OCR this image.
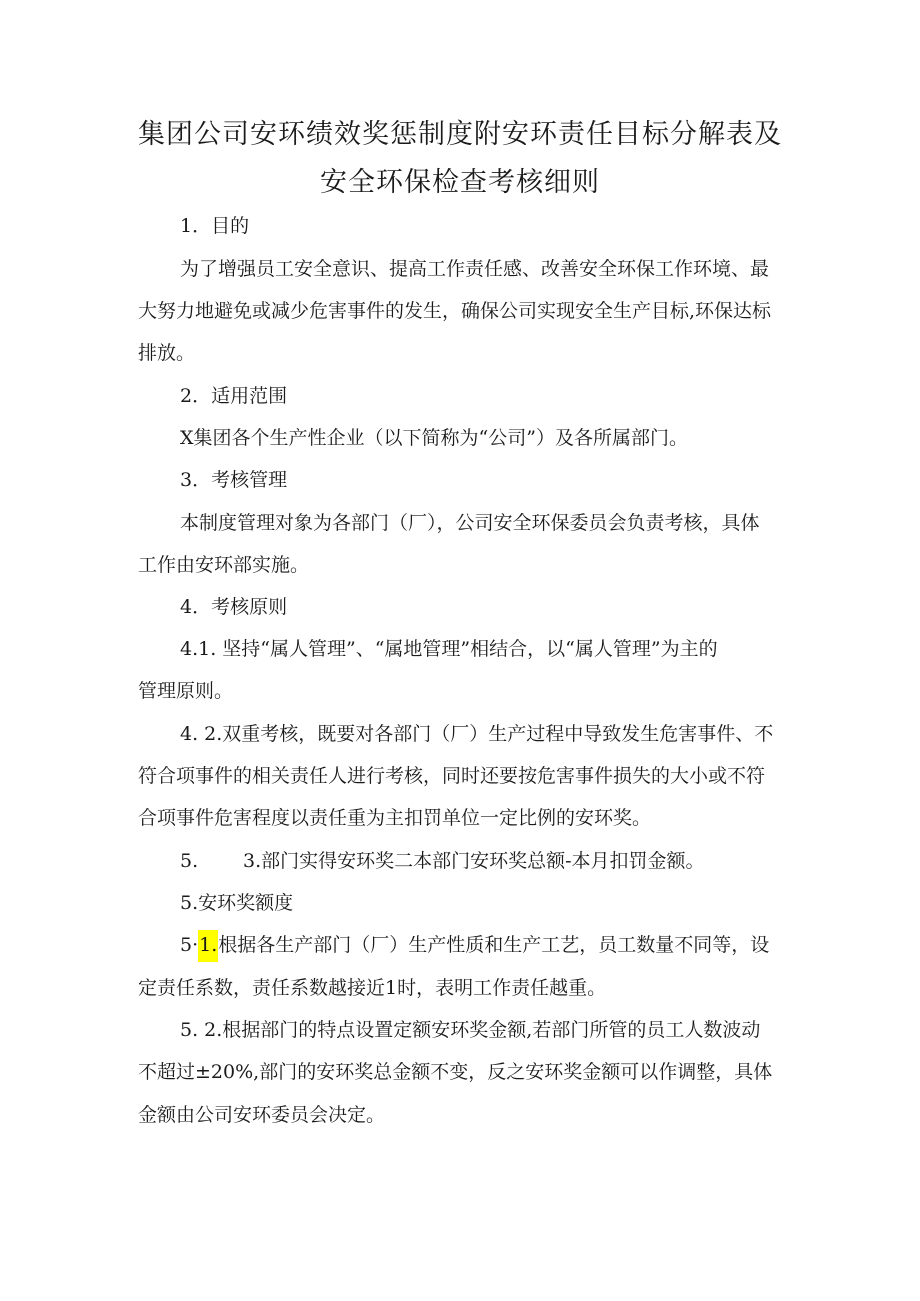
集团公司安环绩效奖惩制度附安环责任目标分解表及
安全环保检查考核细则
1．目的
为了增强员工安全意识、提高工作责任感、改善安全环保工作环境、最
大努力地避免或减少危害事件的发生，确保公司实现安全生产目标,环保达标
排放。
2．适用范围
X集团各个生产性企业（以下简称为“公司”）及各所属部门。
3．考核管理
本制度管理对象为各部门（厂），公司安全环保委员会负责考核，具体
工作由安环部实施。
4．考核原则
4.1. 坚持“属人管理”、“属地管理”相结合，以“属人管理”为主的
管理原则。
4. 2.双重考核，既要对各部门（厂）生产过程中导致发生危害事件、不
符合项事件的相关责任人进行考核，同时还要按危害事件损失的大小或不符
合项事件危害程度以责任重为主扣罚单位一定比例的安环奖。
5. 3.部门实得安环奖二本部门安环奖总额-本月扣罚金额。
5.安环奖额度
5·1.根据各生产部门（厂）生产性质和生产工艺，员工数量不同等，设
定责任系数，责任系数越接近1时，表明工作责任越重。
5. 2.根据部门的特点设置定额安环奖金额,若部门所管的员工人数波动
不超过±20%,部门的安环奖总金额不变，反之安环奖金额可以作调整，具体
金额由公司安环委员会决定。
